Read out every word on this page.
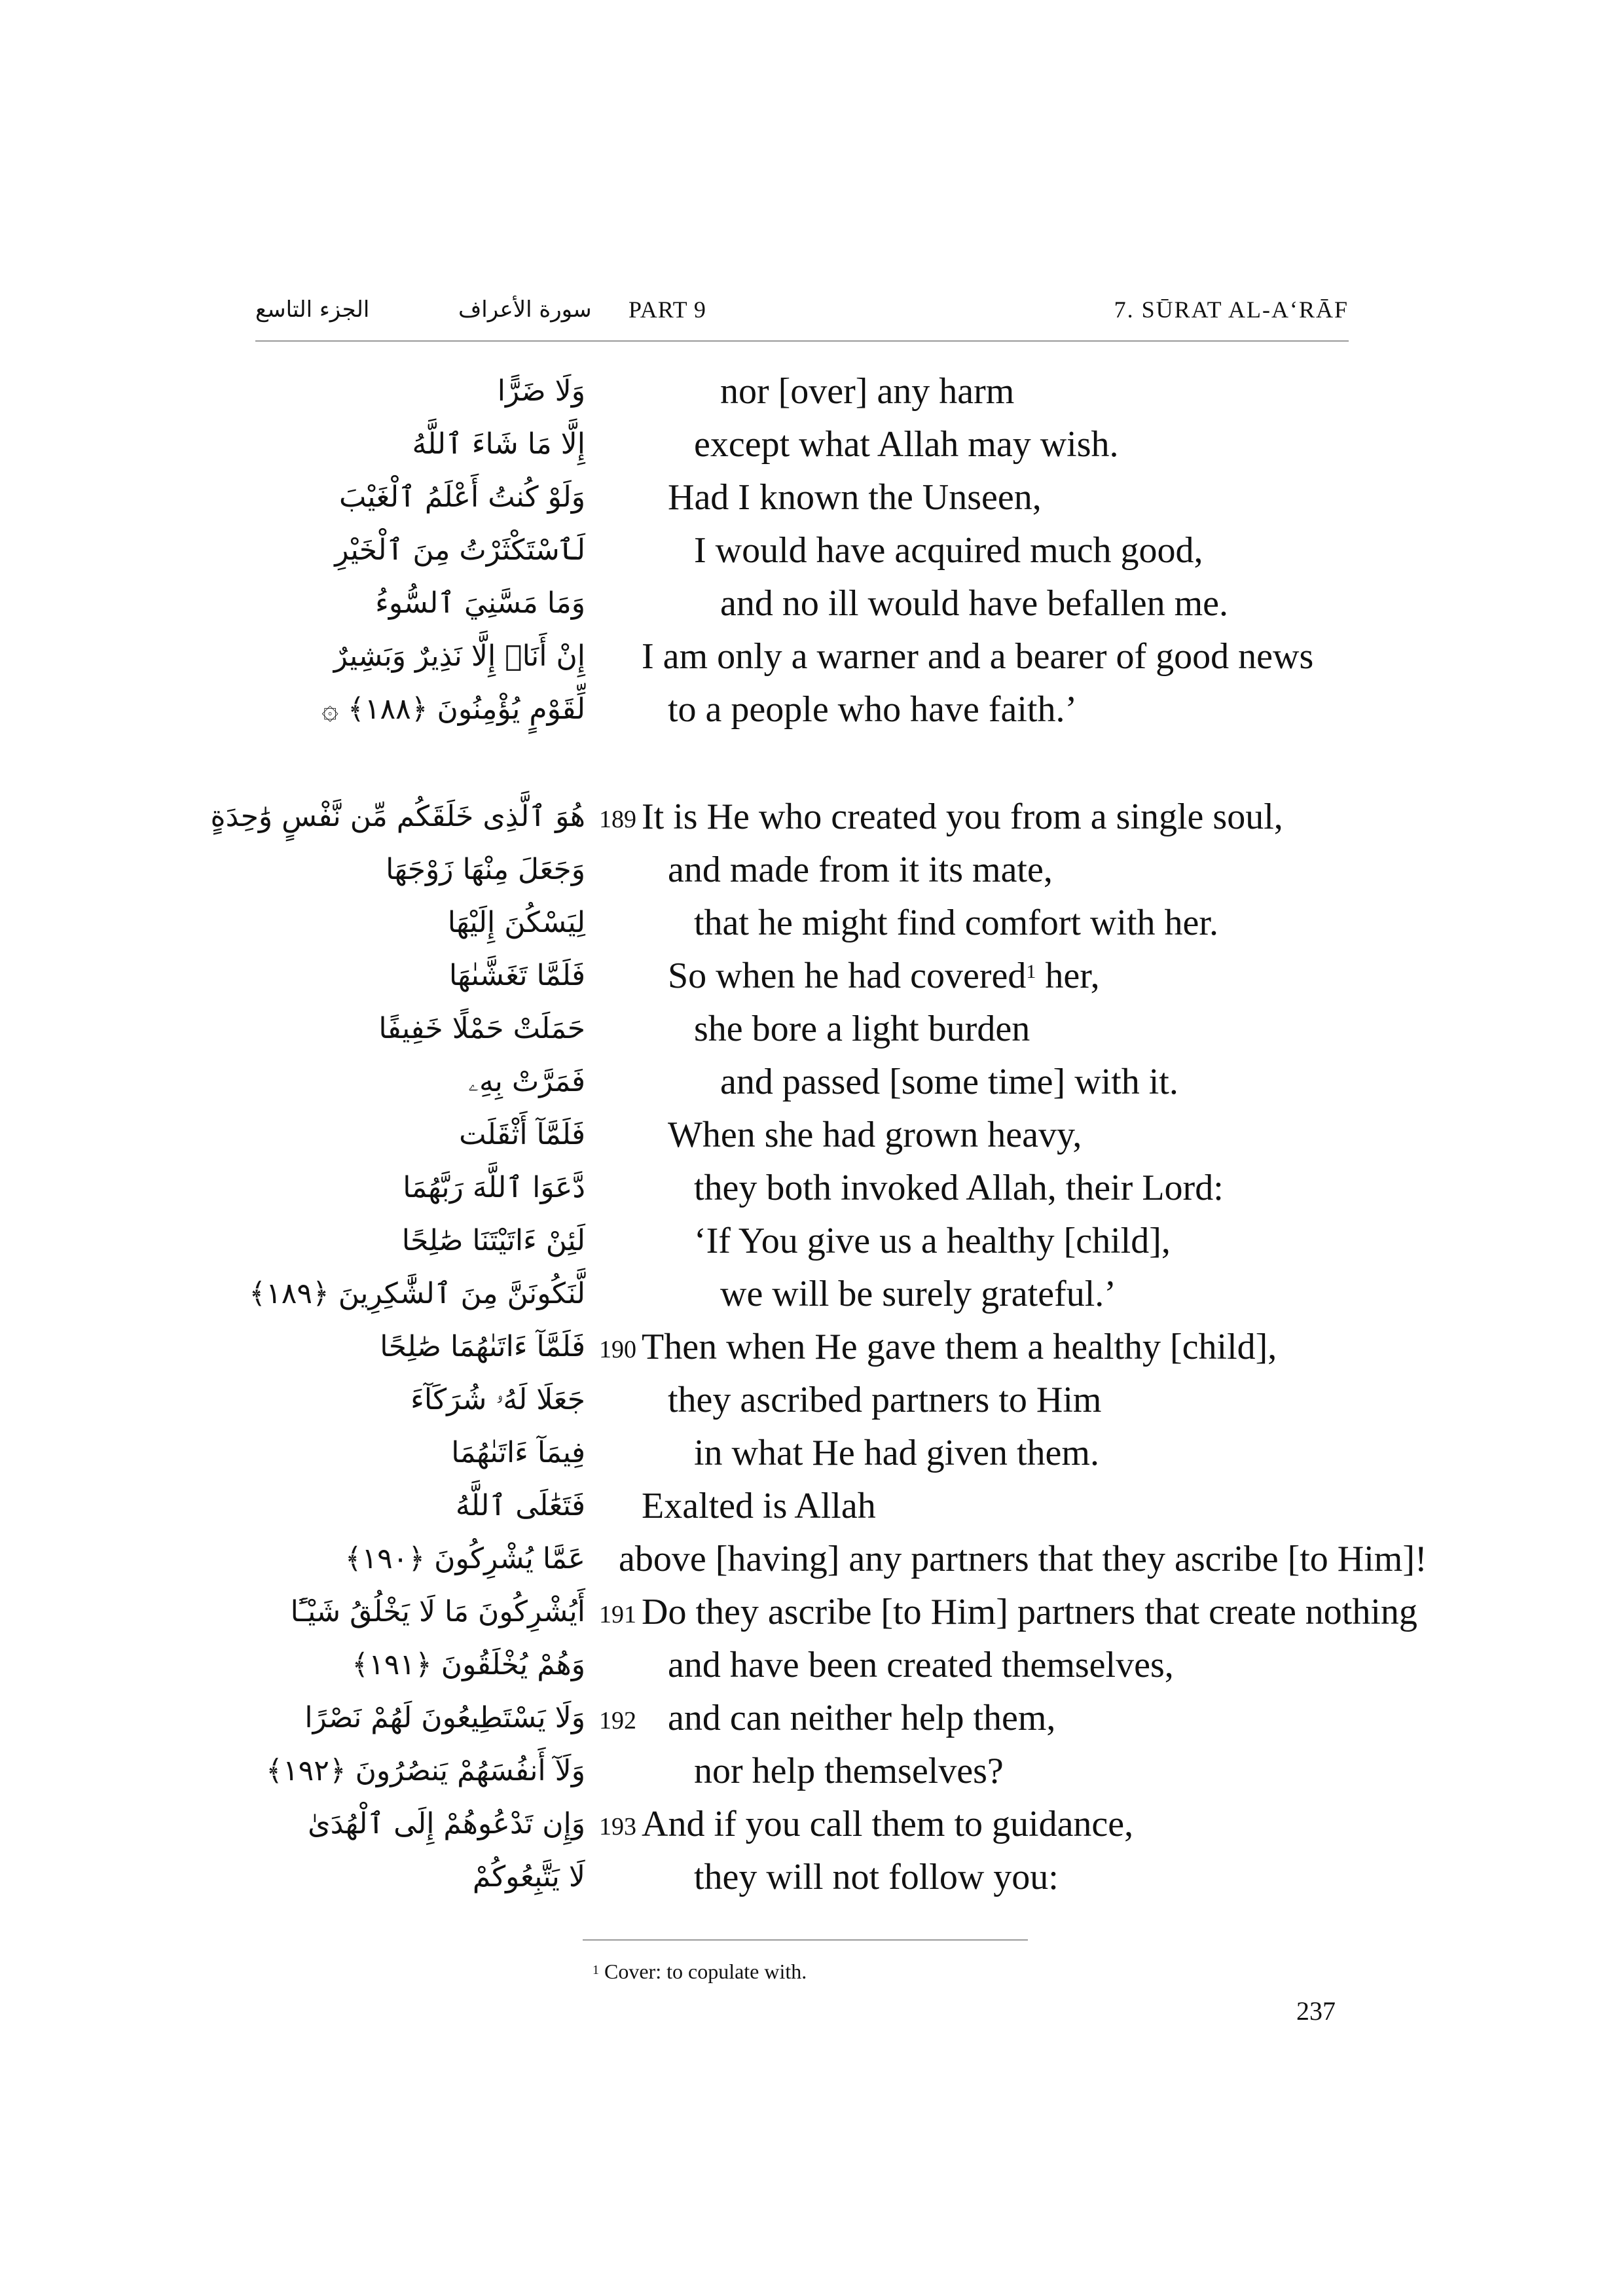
الجزء التاسع	سورة الأعراف PART 9	7. SŪRAT AL-A‘RĀF
وَلَا ضَرًّا	nor [over] any harm
إِلَّا مَا شَاءَ ٱللَّهُ	except what Allah may wish.
وَلَوْ كُنتُ أَعْلَمُ ٱلْغَيْبَ Had I known the Unseen,
لَٱسْتَكْثَرْتُ مِنَ ٱلْخَيْرِ	I would have acquired much good,
وَمَا مَسَّنِيَ ٱلسُّوءُ	and no ill would have befallen me.
إِنْ أَنَا۠ إِلَّا نَذِيرٌ وَبَشِيرٌ I am only a warner and a bearer of good news
لِّقَوْمٍ يُؤْمِنُونَ ﴿١٨٨﴾ ۞ to a people who have faith.’
هُوَ ٱلَّذِى خَلَقَكُم مِّن نَّفْسٍ وَٰحِدَةٍ 189 It is He who created you from a single soul,
وَجَعَلَ مِنْهَا زَوْجَهَا and made from it its mate,
لِيَسْكُنَ إِلَيْهَا	that he might find comfort with her.
فَلَمَّا تَغَشَّىٰهَا So when he had covered$^1$ her,
حَمَلَتْ حَمْلًا خَفِيفًا	she bore a light burden
فَمَرَّتْ بِهِۦ	and passed [some time] with it.
فَلَمَّآ أَثْقَلَت When she had grown heavy,
دَّعَوَا ٱللَّهَ رَبَّهُمَا	they both invoked Allah, their Lord:
لَئِنْ ءَاتَيْتَنَا صَٰلِحًا	‘If You give us a healthy [child],
لَّنَكُونَنَّ مِنَ ٱلشَّٰكِرِينَ ﴿١٨٩﴾	we will be surely grateful.’
فَلَمَّآ ءَاتَىٰهُمَا صَٰلِحًا 190 Then when He gave them a healthy [child],
جَعَلَا لَهُۥ شُرَكَآءَ they ascribed partners to Him
فِيمَآ ءَاتَىٰهُمَا	in what He had given them.
فَتَعَٰلَى ٱللَّهُ Exalted is Allah
عَمَّا يُشْرِكُونَ ﴿١٩٠﴾ above [having] any partners that they ascribe [to Him]!
أَيُشْرِكُونَ مَا لَا يَخْلُقُ شَيْـًٔا 191 Do they ascribe [to Him] partners that create nothing
وَهُمْ يُخْلَقُونَ ﴿١٩١﴾ and have been created themselves,
وَلَا يَسْتَطِيعُونَ لَهُمْ نَصْرًا 192 and can neither help them,
وَلَآ أَنفُسَهُمْ يَنصُرُونَ ﴿١٩٢﴾	nor help themselves?
وَإِن تَدْعُوهُمْ إِلَى ٱلْهُدَىٰ 193 And if you call them to guidance,
لَا يَتَّبِعُوكُمْ	they will not follow you:
$^1$ Cover: to copulate with.
237
